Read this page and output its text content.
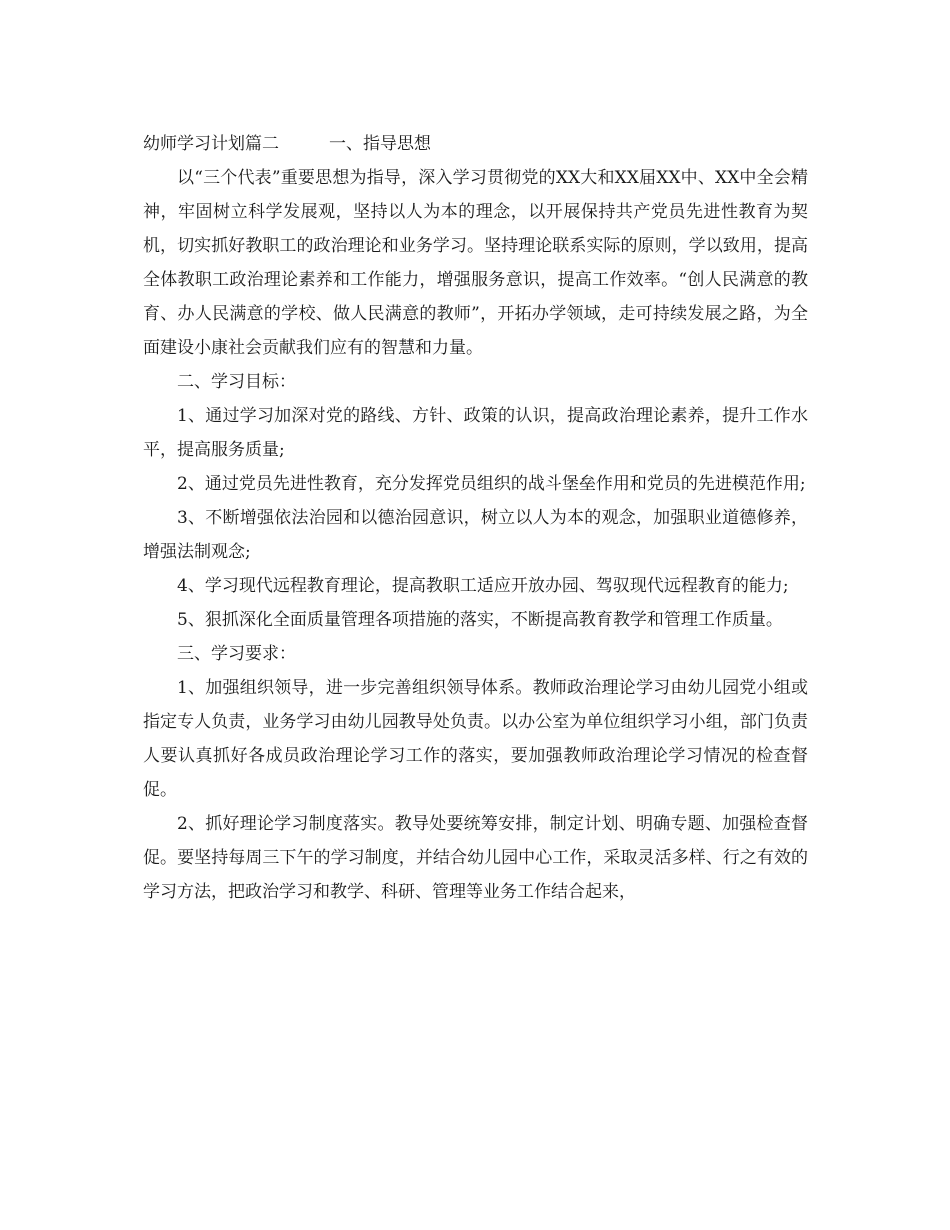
幼师学习计划篇二	一、指导思想

以“三个代表”重要思想为指导，深入学习贯彻党的XX大和XX届XX中、XX中全会精神，牢固树立科学发展观，坚持以人为本的理念，以开展保持共产党员先进性教育为契机，切实抓好教职工的政治理论和业务学习。坚持理论联系实际的原则，学以致用，提高全体教职工政治理论素养和工作能力，增强服务意识，提高工作效率。“创人民满意的教育、办人民满意的学校、做人民满意的教师”，开拓办学领域，走可持续发展之路，为全面建设小康社会贡献我们应有的智慧和力量。

二、学习目标：

1、通过学习加深对党的路线、方针、政策的认识，提高政治理论素养，提升工作水平，提高服务质量;

2、通过党员先进性教育，充分发挥党员组织的战斗堡垒作用和党员的先进模范作用;

3、不断增强依法治园和以德治园意识，树立以人为本的观念，加强职业道德修养，增强法制观念;

4、学习现代远程教育理论，提高教职工适应开放办园、驾驭现代远程教育的能力;

5、狠抓深化全面质量管理各项措施的落实，不断提高教育教学和管理工作质量。

三、学习要求：

1、加强组织领导，进一步完善组织领导体系。教师政治理论学习由幼儿园党小组或指定专人负责，业务学习由幼儿园教导处负责。以办公室为单位组织学习小组，部门负责人要认真抓好各成员政治理论学习工作的落实，要加强教师政治理论学习情况的检查督促。

2、抓好理论学习制度落实。教导处要统筹安排，制定计划、明确专题、加强检查督促。要坚持每周三下午的学习制度，并结合幼儿园中心工作，采取灵活多样、行之有效的学习方法，把政治学习和教学、科研、管理等业务工作结合起来，
